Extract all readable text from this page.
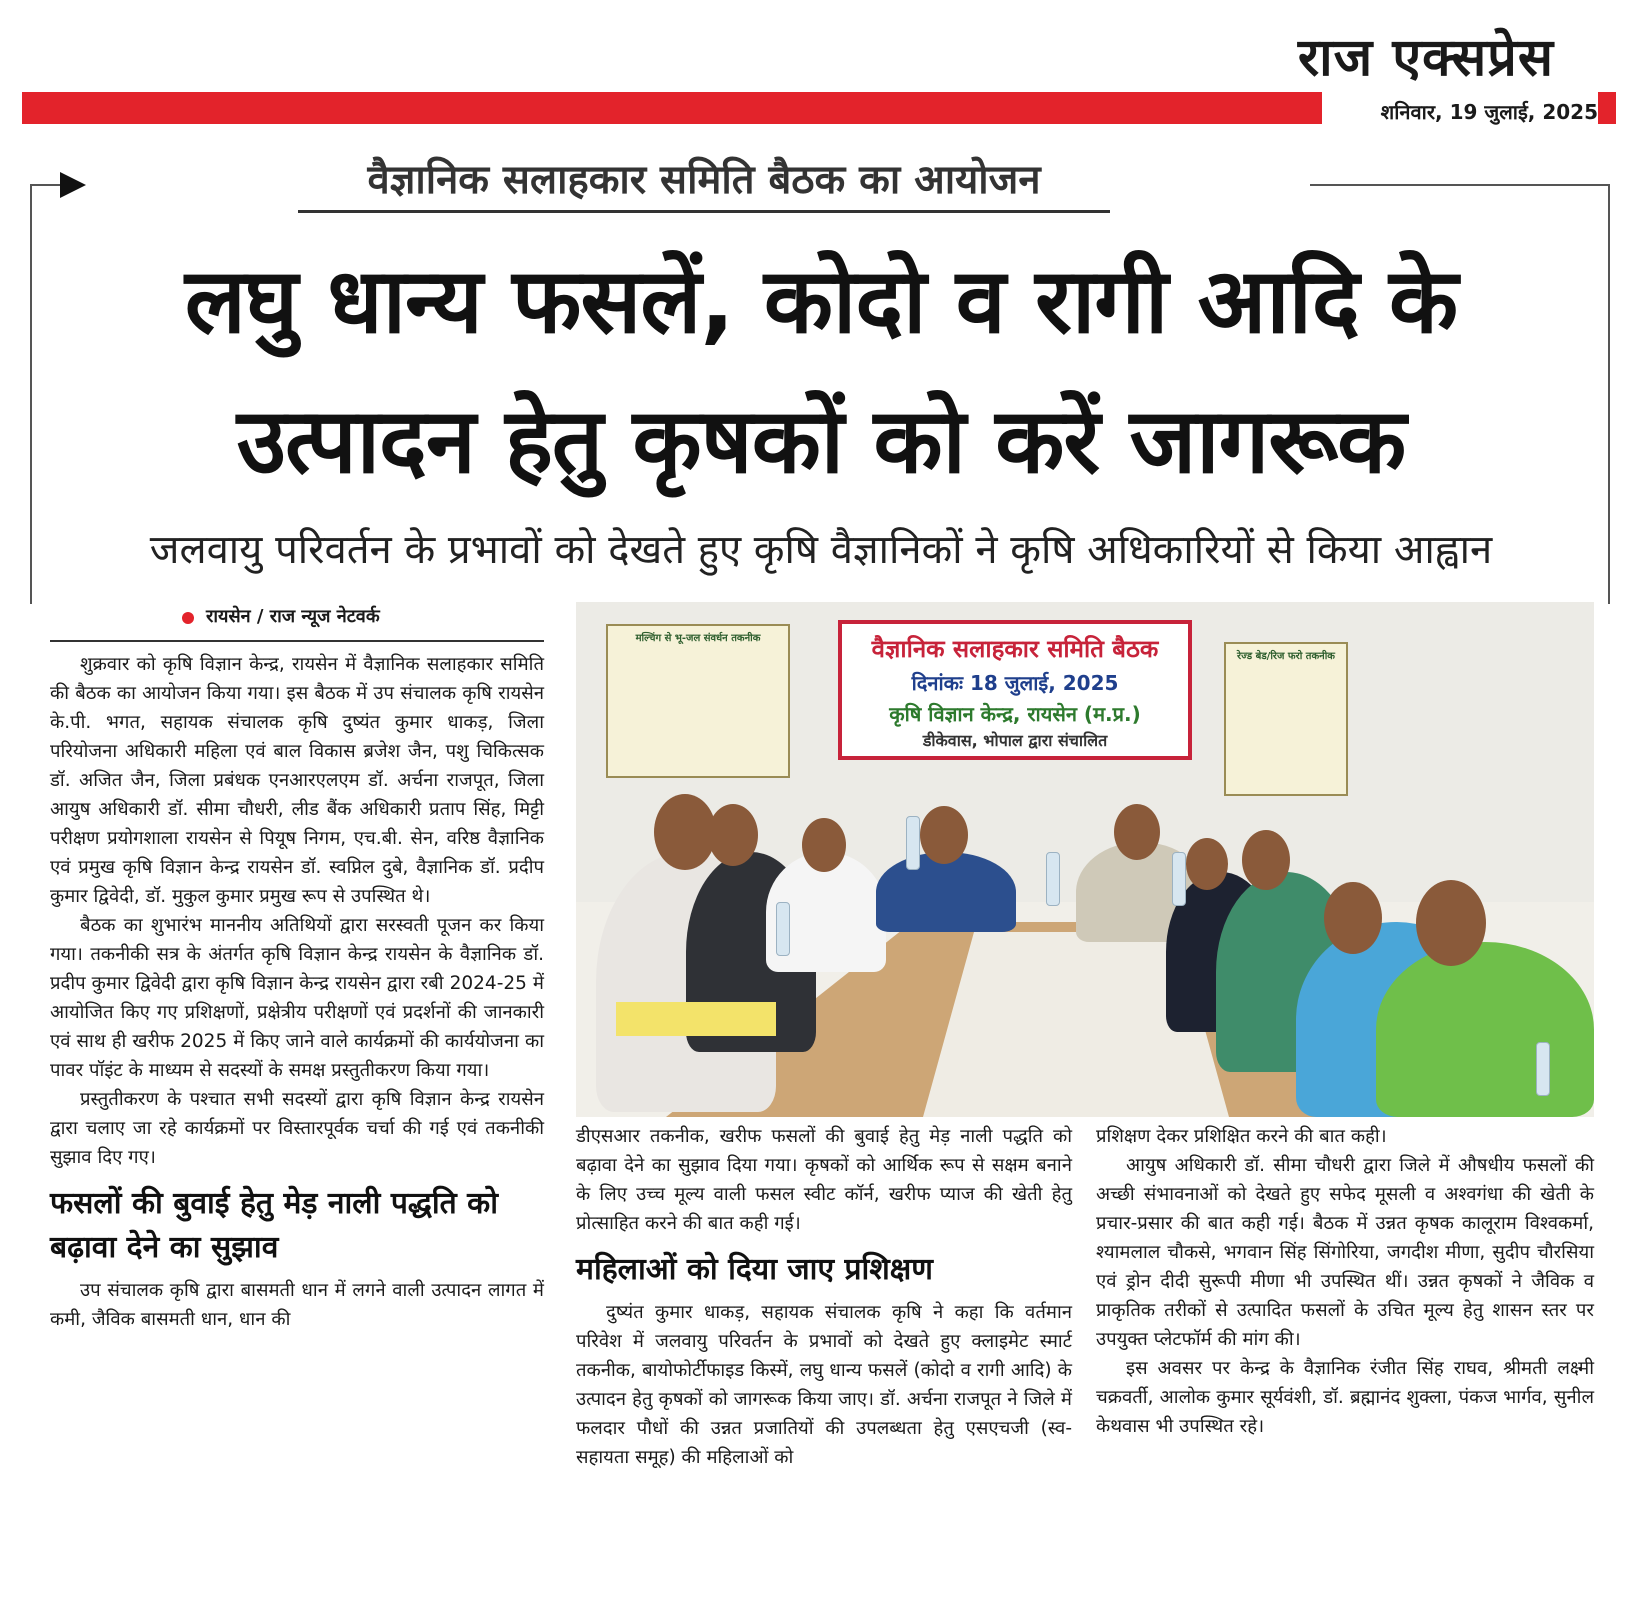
राज एक्सप्रेस
शनिवार, 19 जुलाई, 2025
वैज्ञानिक सलाहकार समिति बैठक का आयोजन
लघु धान्य फसलें, कोदो व रागी आदि के
उत्पादन हेतु कृषकों को करें जागरूक
जलवायु परिवर्तन के प्रभावों को देखते हुए कृषि वैज्ञानिकों ने कृषि अधिकारियों से किया आह्वान
रायसेन / राज न्यूज नेटवर्क

शुक्रवार को कृषि विज्ञान केन्द्र, रायसेन में वैज्ञानिक सलाहकार समिति की बैठक का आयोजन किया गया। इस बैठक में उप संचालक कृषि रायसेन के.पी. भगत, सहायक संचालक कृषि दुष्यंत कुमार धाकड़, जिला परियोजना अधिकारी महिला एवं बाल विकास ब्रजेश जैन, पशु चिकित्सक डॉ. अजित जैन, जिला प्रबंधक एनआरएलएम डॉ. अर्चना राजपूत, जिला आयुष अधिकारी डॉ. सीमा चौधरी, लीड बैंक अधिकारी प्रताप सिंह, मिट्टी परीक्षण प्रयोगशाला रायसेन से पियूष निगम, एच.बी. सेन, वरिष्ठ वैज्ञानिक एवं प्रमुख कृषि विज्ञान केन्द्र रायसेन डॉ. स्वप्निल दुबे, वैज्ञानिक डॉ. प्रदीप कुमार द्विवेदी, डॉ. मुकुल कुमार प्रमुख रूप से उपस्थित थे।

बैठक का शुभारंभ माननीय अतिथियों द्वारा सरस्वती पूजन कर किया गया। तकनीकी सत्र के अंतर्गत कृषि विज्ञान केन्द्र रायसेन के वैज्ञानिक डॉ. प्रदीप कुमार द्विवेदी द्वारा कृषि विज्ञान केन्द्र रायसेन द्वारा रबी 2024-25 में आयोजित किए गए प्रशिक्षणों, प्रक्षेत्रीय परीक्षणों एवं प्रदर्शनों की जानकारी एवं साथ ही खरीफ 2025 में किए जाने वाले कार्यक्रमों की कार्ययोजना का पावर पॉइंट के माध्यम से सदस्यों के समक्ष प्रस्तुतीकरण किया गया।

प्रस्तुतीकरण के पश्चात सभी सदस्यों द्वारा कृषि विज्ञान केन्द्र रायसेन द्वारा चलाए जा रहे कार्यक्रमों पर विस्तारपूर्वक चर्चा की गई एवं तकनीकी सुझाव दिए गए।

फसलों की बुवाई हेतु मेड़ नाली पद्धति को बढ़ावा देने का सुझाव

उप संचालक कृषि द्वारा बासमती धान में लगने वाली उत्पादन लागत में कमी, जैविक बासमती धान, धान की

मल्चिंग से भू-जल संवर्धन तकनीक
रेज्ड बेड/रिज फरो तकनीक
वैज्ञानिक सलाहकार समिति बैठक
दिनांकः 18 जुलाई, 2025
कृषि विज्ञान केन्द्र, रायसेन (म.प्र.)
डीकेवास, भोपाल द्वारा संचालित

डीएसआर तकनीक, खरीफ फसलों की बुवाई हेतु मेड़ नाली पद्धति को बढ़ावा देने का सुझाव दिया गया। कृषकों को आर्थिक रूप से सक्षम बनाने के लिए उच्च मूल्य वाली फसल स्वीट कॉर्न, खरीफ प्याज की खेती हेतु प्रोत्साहित करने की बात कही गई।

महिलाओं को दिया जाए प्रशिक्षण

दुष्यंत कुमार धाकड़, सहायक संचालक कृषि ने कहा कि वर्तमान परिवेश में जलवायु परिवर्तन के प्रभावों को देखते हुए क्लाइमेट स्मार्ट तकनीक, बायोफोर्टीफाइड किस्में, लघु धान्य फसलें (कोदो व रागी आदि) के उत्पादन हेतु कृषकों को जागरूक किया जाए। डॉ. अर्चना राजपूत ने जिले में फलदार पौधों की उन्नत प्रजातियों की उपलब्धता हेतु एसएचजी (स्व-सहायता समूह) की महिलाओं को

प्रशिक्षण देकर प्रशिक्षित करने की बात कही।

आयुष अधिकारी डॉ. सीमा चौधरी द्वारा जिले में औषधीय फसलों की अच्छी संभावनाओं को देखते हुए सफेद मूसली व अश्वगंधा की खेती के प्रचार-प्रसार की बात कही गई। बैठक में उन्नत कृषक कालूराम विश्वकर्मा, श्यामलाल चौकसे, भगवान सिंह सिंगोरिया, जगदीश मीणा, सुदीप चौरसिया एवं ड्रोन दीदी सुरूपी मीणा भी उपस्थित थीं। उन्नत कृषकों ने जैविक व प्राकृतिक तरीकों से उत्पादित फसलों के उचित मूल्य हेतु शासन स्तर पर उपयुक्त प्लेटफॉर्म की मांग की।

इस अवसर पर केन्द्र के वैज्ञानिक रंजीत सिंह राघव, श्रीमती लक्ष्मी चक्रवर्ती, आलोक कुमार सूर्यवंशी, डॉ. ब्रह्मानंद शुक्ला, पंकज भार्गव, सुनील केथवास भी उपस्थित रहे।
